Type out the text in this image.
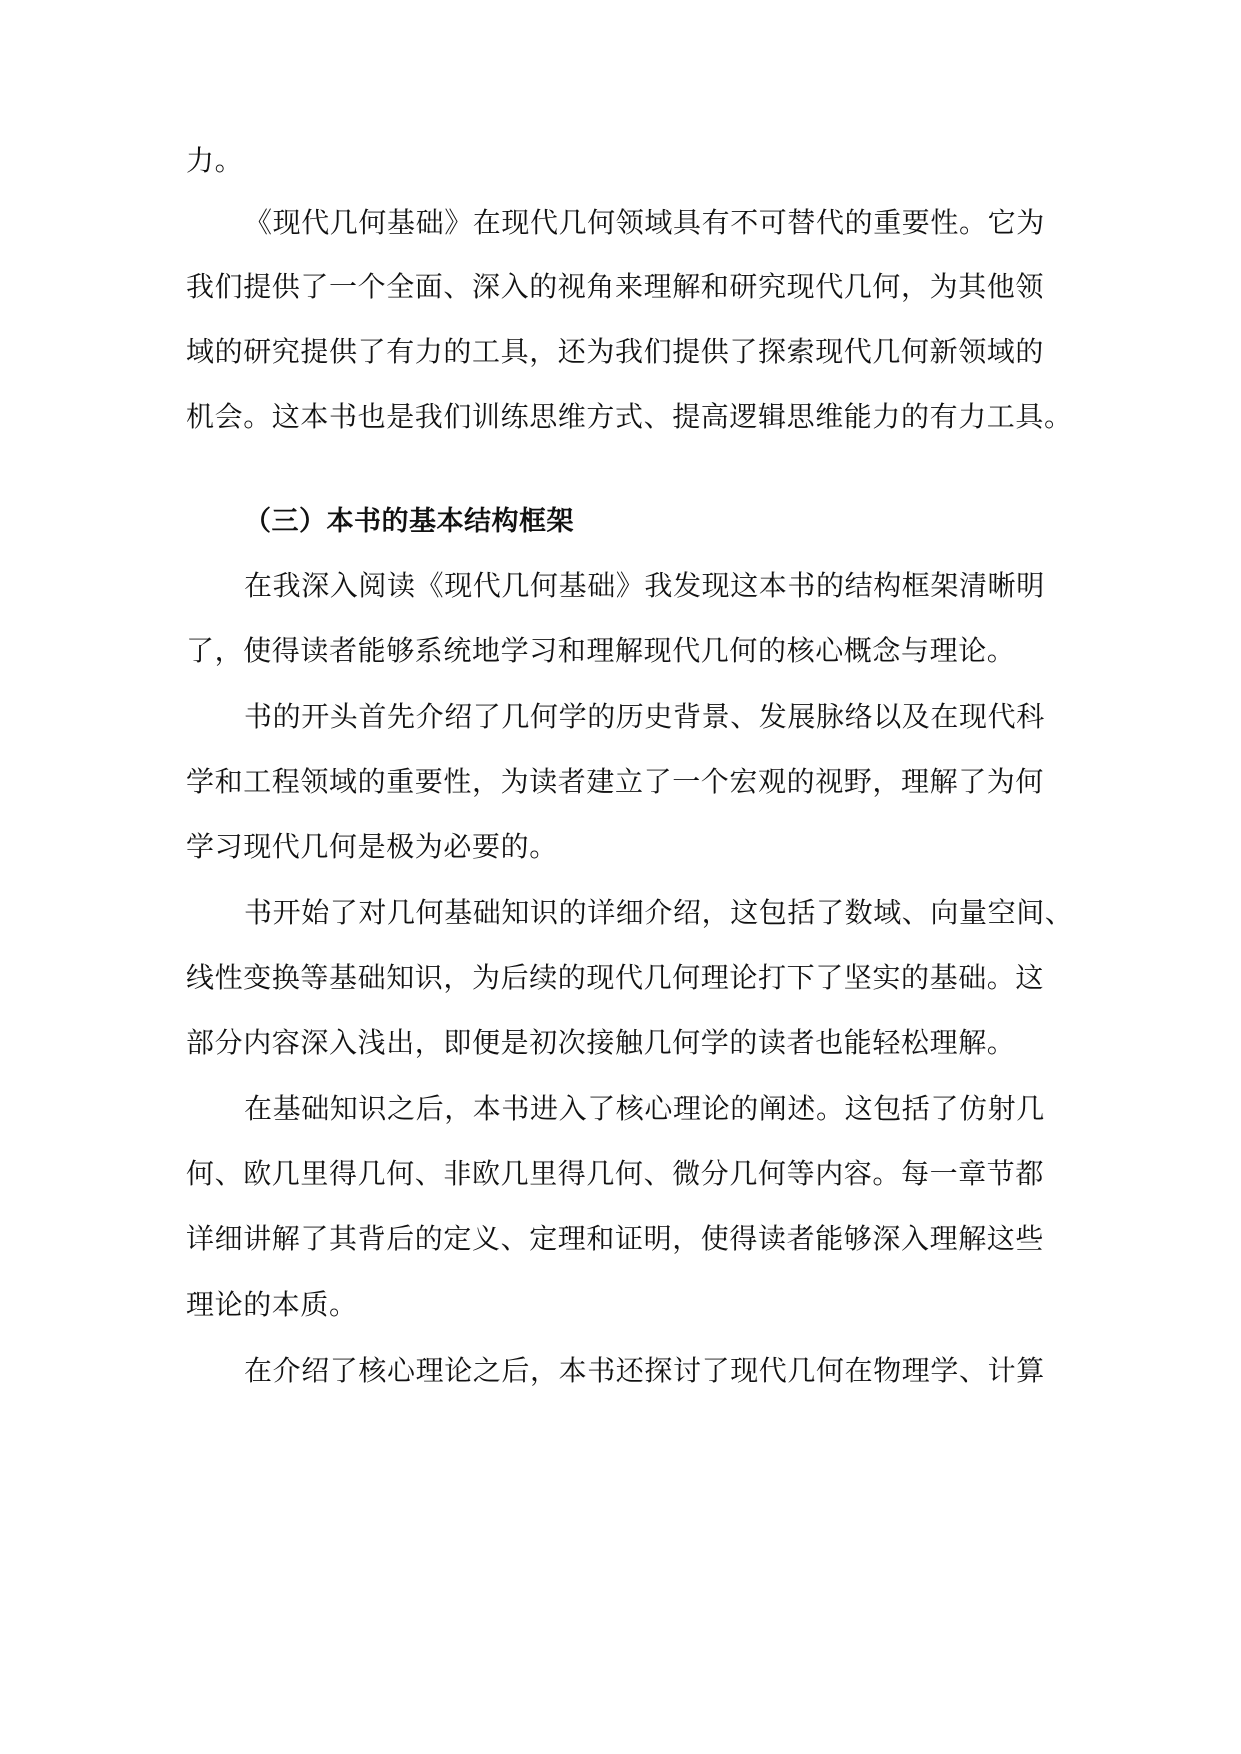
力。
《现代几何基础》在现代几何领域具有不可替代的重要性。它为
我们提供了一个全面、深入的视角来理解和研究现代几何，为其他领
域的研究提供了有力的工具，还为我们提供了探索现代几何新领域的
机会。这本书也是我们训练思维方式、提高逻辑思维能力的有力工具。
（三）本书的基本结构框架
在我深入阅读《现代几何基础》我发现这本书的结构框架清晰明
了，使得读者能够系统地学习和理解现代几何的核心概念与理论。
书的开头首先介绍了几何学的历史背景、发展脉络以及在现代科
学和工程领域的重要性，为读者建立了一个宏观的视野，理解了为何
学习现代几何是极为必要的。
书开始了对几何基础知识的详细介绍，这包括了数域、向量空间、
线性变换等基础知识，为后续的现代几何理论打下了坚实的基础。这
部分内容深入浅出，即便是初次接触几何学的读者也能轻松理解。
在基础知识之后，本书进入了核心理论的阐述。这包括了仿射几
何、欧几里得几何、非欧几里得几何、微分几何等内容。每一章节都
详细讲解了其背后的定义、定理和证明，使得读者能够深入理解这些
理论的本质。
在介绍了核心理论之后，本书还探讨了现代几何在物理学、计算
